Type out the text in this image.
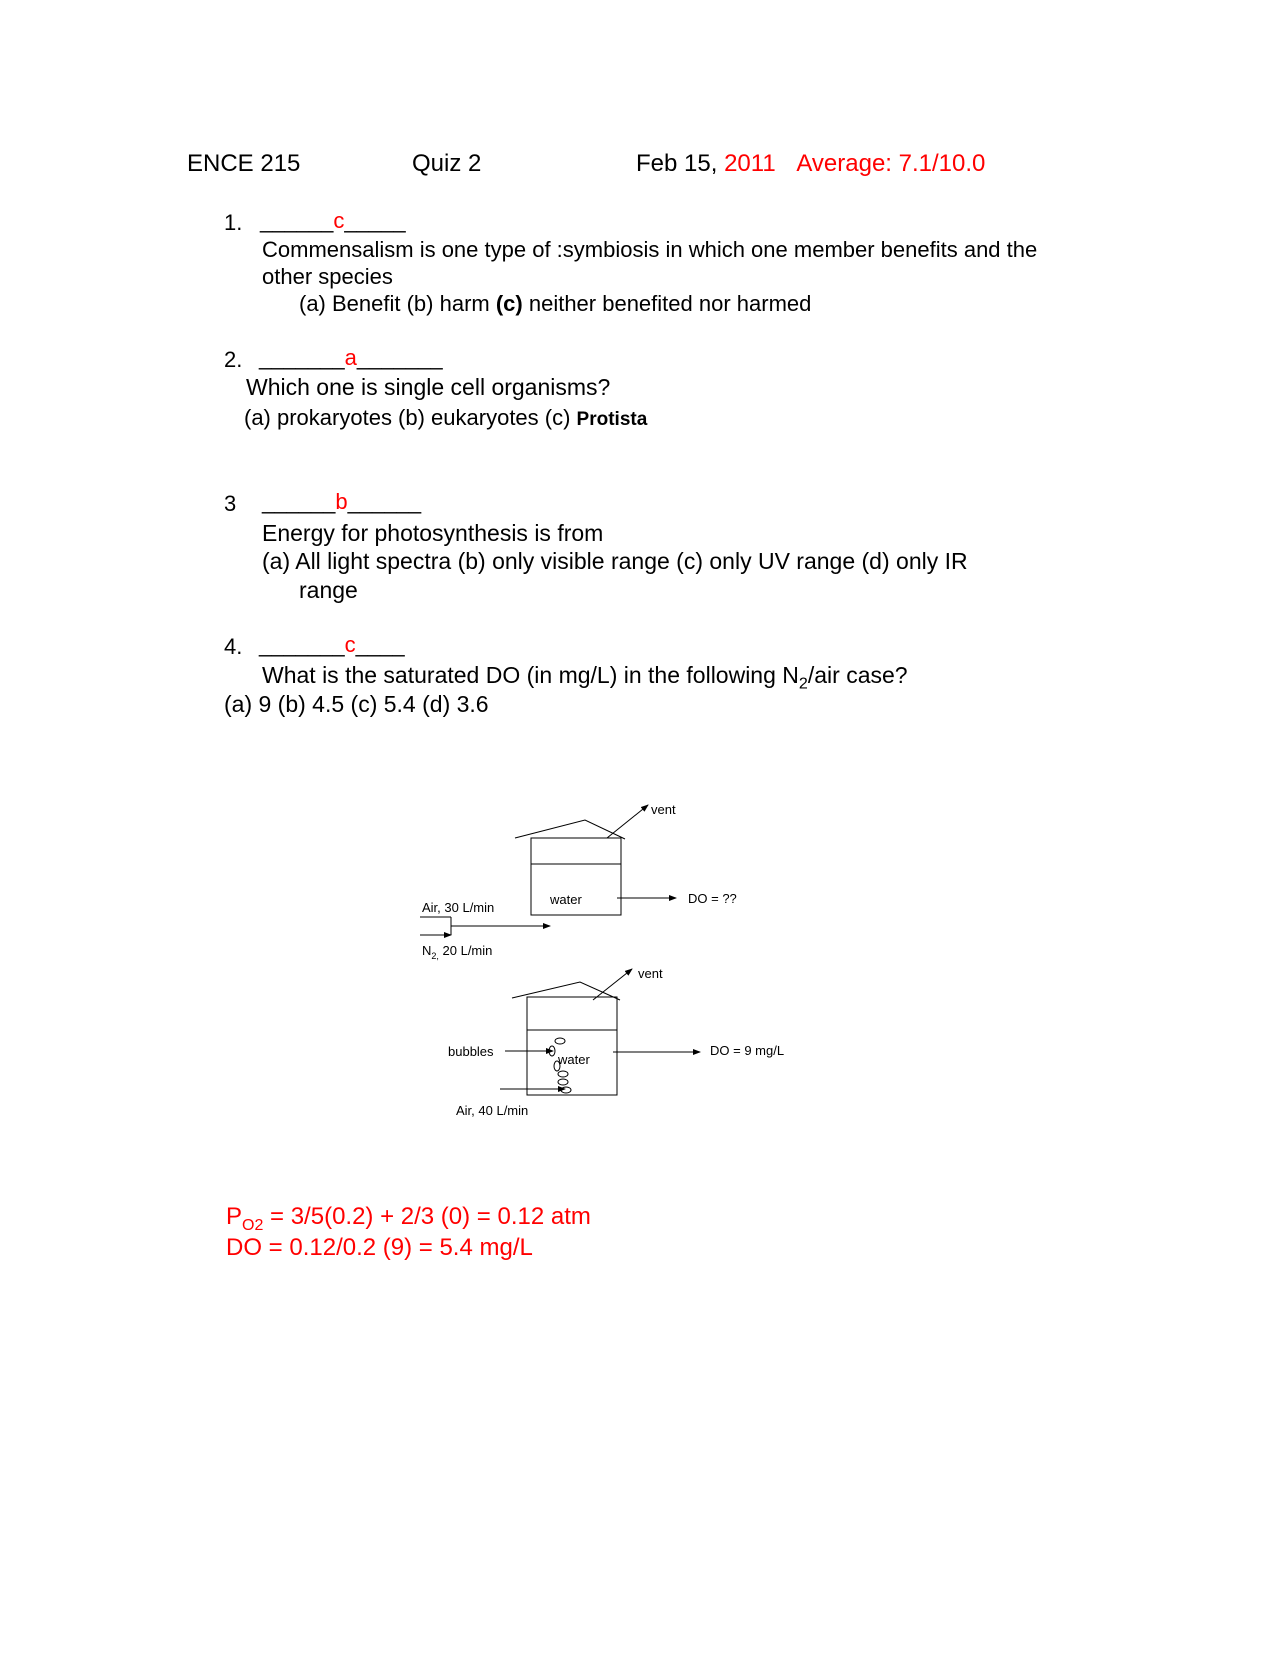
ENCE 215	Quiz 2	Feb 15, 2011 Average: 7.1/10.0
1. ______c_____
Commensalism is one type of :symbiosis in which one member benefits and the
other species
(a) Benefit (b) harm (c) neither benefited nor harmed
2. _______a_______
Which one is single cell organisms?
(a) prokaryotes (b) eukaryotes (c) Protista
3 ______b______
Energy for photosynthesis is from
(a) All light spectra (b) only visible range (c) only UV range (d) only IR
range
4. _______c____
What is the saturated DO (in mg/L) in the following $N_2$/air case?
(a) 9 (b) 4.5 (c) 5.4 (d) 3.6
vent
water	DO = ??
Air, 30 L/min
$N_{2,}$ 20 L/min
vent
water
bubbles	DO = 9 mg/L
Air, 40 L/min
$P_{O2} = 3/5(0.2) + 2/3$ (0) = 0.12 atm
DO = 0.12/0.2 (9) = 5.4 mg/L
